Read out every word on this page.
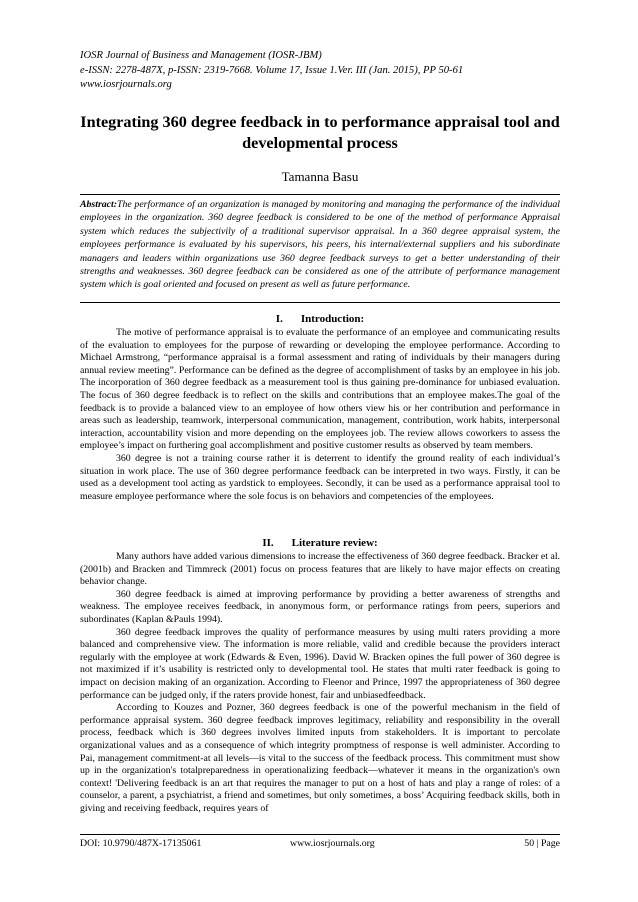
IOSR Journal of Business and Management (IOSR-JBM)
e-ISSN: 2278-487X, p-ISSN: 2319-7668. Volume 17, Issue 1.Ver. III (Jan. 2015), PP 50-61
www.iosrjournals.org
Integrating 360 degree feedback in to performance appraisal tool and developmental process
Tamanna Basu
Abstract:The performance of an organization is managed by monitoring and managing the performance of the individual employees in the organization. 360 degree feedback is considered to be one of the method of performance Appraisal system which reduces the subjectivily of a traditional supervisor appraisal. In a 360 degree appraisal system, the employees performance is evaluated by his supervisors, his peers, his internal/external suppliers and his subordinate managers and leaders within organizations use 360 degree feedback surveys to get a better understanding of their strengths and weaknesses. 360 degree feedback can be considered as one of the attribute of performance management system which is goal oriented and focused on present as well as future performance.
I. Introduction:

The motive of performance appraisal is to evaluate the performance of an employee and communicating results of the evaluation to employees for the purpose of rewarding or developing the employee performance. According to Michael Armstrong, “performance appraisal is a formal assessment and rating of individuals by their managers during annual review meeting”. Performance can be defined as the degree of accomplishment of tasks by an employee in his job. The incorporation of 360 degree feedback as a measurement tool is thus gaining pre-dominance for unbiased evaluation. The focus of 360 degree feedback is to reflect on the skills and contributions that an employee makes.The goal of the feedback is to provide a balanced view to an employee of how others view his or her contribution and performance in areas such as leadership, teamwork, interpersonal communication, management, contribution, work habits, interpersonal interaction, accountability vision and more depending on the employees job. The review allows coworkers to assess the employee’s impact on furthering goal accomplishment and positive customer results as observed by team members.

360 degree is not a training course rather it is deterrent to identify the ground reality of each individual’s situation in work place. The use of 360 degree performance feedback can be interpreted in two ways. Firstly, it can be used as a development tool acting as yardstick to employees. Secondly, it can be used as a performance appraisal tool to measure employee performance where the sole focus is on behaviors and competencies of the employees.

II. Literature review:

Many authors have added various dimensions to increase the effectiveness of 360 degree feedback. Bracker et al. (2001b) and Bracken and Timmreck (2001) focus on process features that are likely to have major effects on creating behavior change.

360 degree feedback is aimed at improving performance by providing a better awareness of strengths and weakness. The employee receives feedback, in anonymous form, or performance ratings from peers, superiors and subordinates (Kaplan &Pauls 1994).

360 degree feedback improves the quality of performance measures by using multi raters providing a more balanced and comprehensive view. The information is more reliable, valid and credible because the providers interact regularly with the employee at work (Edwards & Even, 1996). David W. Bracken opines the full power of 360 degree is not maximized if it’s usability is restricted only to developmental tool. He states that multi rater feedback is going to impact on decision making of an organization. According to Fleenor and Prince, 1997 the appropriateness of 360 degree performance can be judged only, if the raters provide honest, fair and unbiasedfeedback.

According to Kouzes and Pozner, 360 degrees feedback is one of the powerful mechanism in the field of performance appraisal system. 360 degree feedback improves legitimacy, reliability and responsibility in the overall process, feedback which is 360 degrees involves limited inputs from stakeholders. It is important to percolate organizational values and as a consequence of which integrity promptness of response is well administer. According to Pai, management commitment-at all levels—is vital to the success of the feedback process. This commitment must show up in the organization's totalpreparedness in operationalizing feedback—whatever it means in the organization's own context! 'Delivering feedback is an art that requires the manager to put on a host of hats and play a range of roles: of a counselor, a parent, a psychiatrist, a friend and sometimes, but only sometimes, a boss’ Acquiring feedback skills, both in giving and receiving feedback, requires years of

DOI: 10.9790/487X-17135061	www.iosrjournals.org	50 | Page
